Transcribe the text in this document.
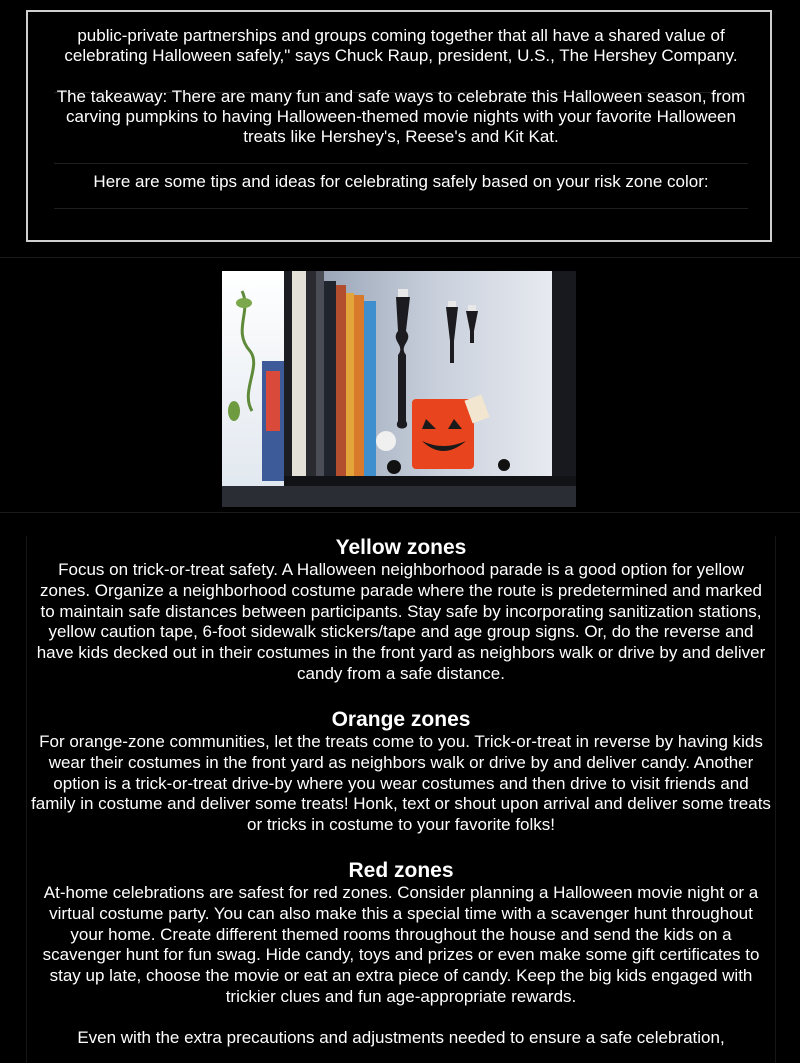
public-private partnerships and groups coming together that all have a shared value of celebrating Halloween safely," says Chuck Raup, president, U.S., The Hershey Company.

The takeaway: There are many fun and safe ways to celebrate this Halloween season, from carving pumpkins to having Halloween-themed movie nights with your favorite Halloween treats like Hershey's, Reese's and Kit Kat.

Here are some tips and ideas for celebrating safely based on your risk zone color:

Yellow zones

Focus on trick-or-treat safety. A Halloween neighborhood parade is a good option for yellow zones. Organize a neighborhood costume parade where the route is predetermined and marked to maintain safe distances between participants. Stay safe by incorporating sanitization stations, yellow caution tape, 6-foot sidewalk stickers/tape and age group signs. Or, do the reverse and have kids decked out in their costumes in the front yard as neighbors walk or drive by and deliver candy from a safe distance.

Orange zones

For orange-zone communities, let the treats come to you. Trick-or-treat in reverse by having kids wear their costumes in the front yard as neighbors walk or drive by and deliver candy. Another option is a trick-or-treat drive-by where you wear costumes and then drive to visit friends and family in costume and deliver some treats! Honk, text or shout upon arrival and deliver some treats or tricks in costume to your favorite folks!

Red zones

At-home celebrations are safest for red zones. Consider planning a Halloween movie night or a virtual costume party. You can also make this a special time with a scavenger hunt throughout your home. Create different themed rooms throughout the house and send the kids on a scavenger hunt for fun swag. Hide candy, toys and prizes or even make some gift certificates to stay up late, choose the movie or eat an extra piece of candy. Keep the big kids engaged with trickier clues and fun age-appropriate rewards.

Even with the extra precautions and adjustments needed to ensure a safe celebration,
